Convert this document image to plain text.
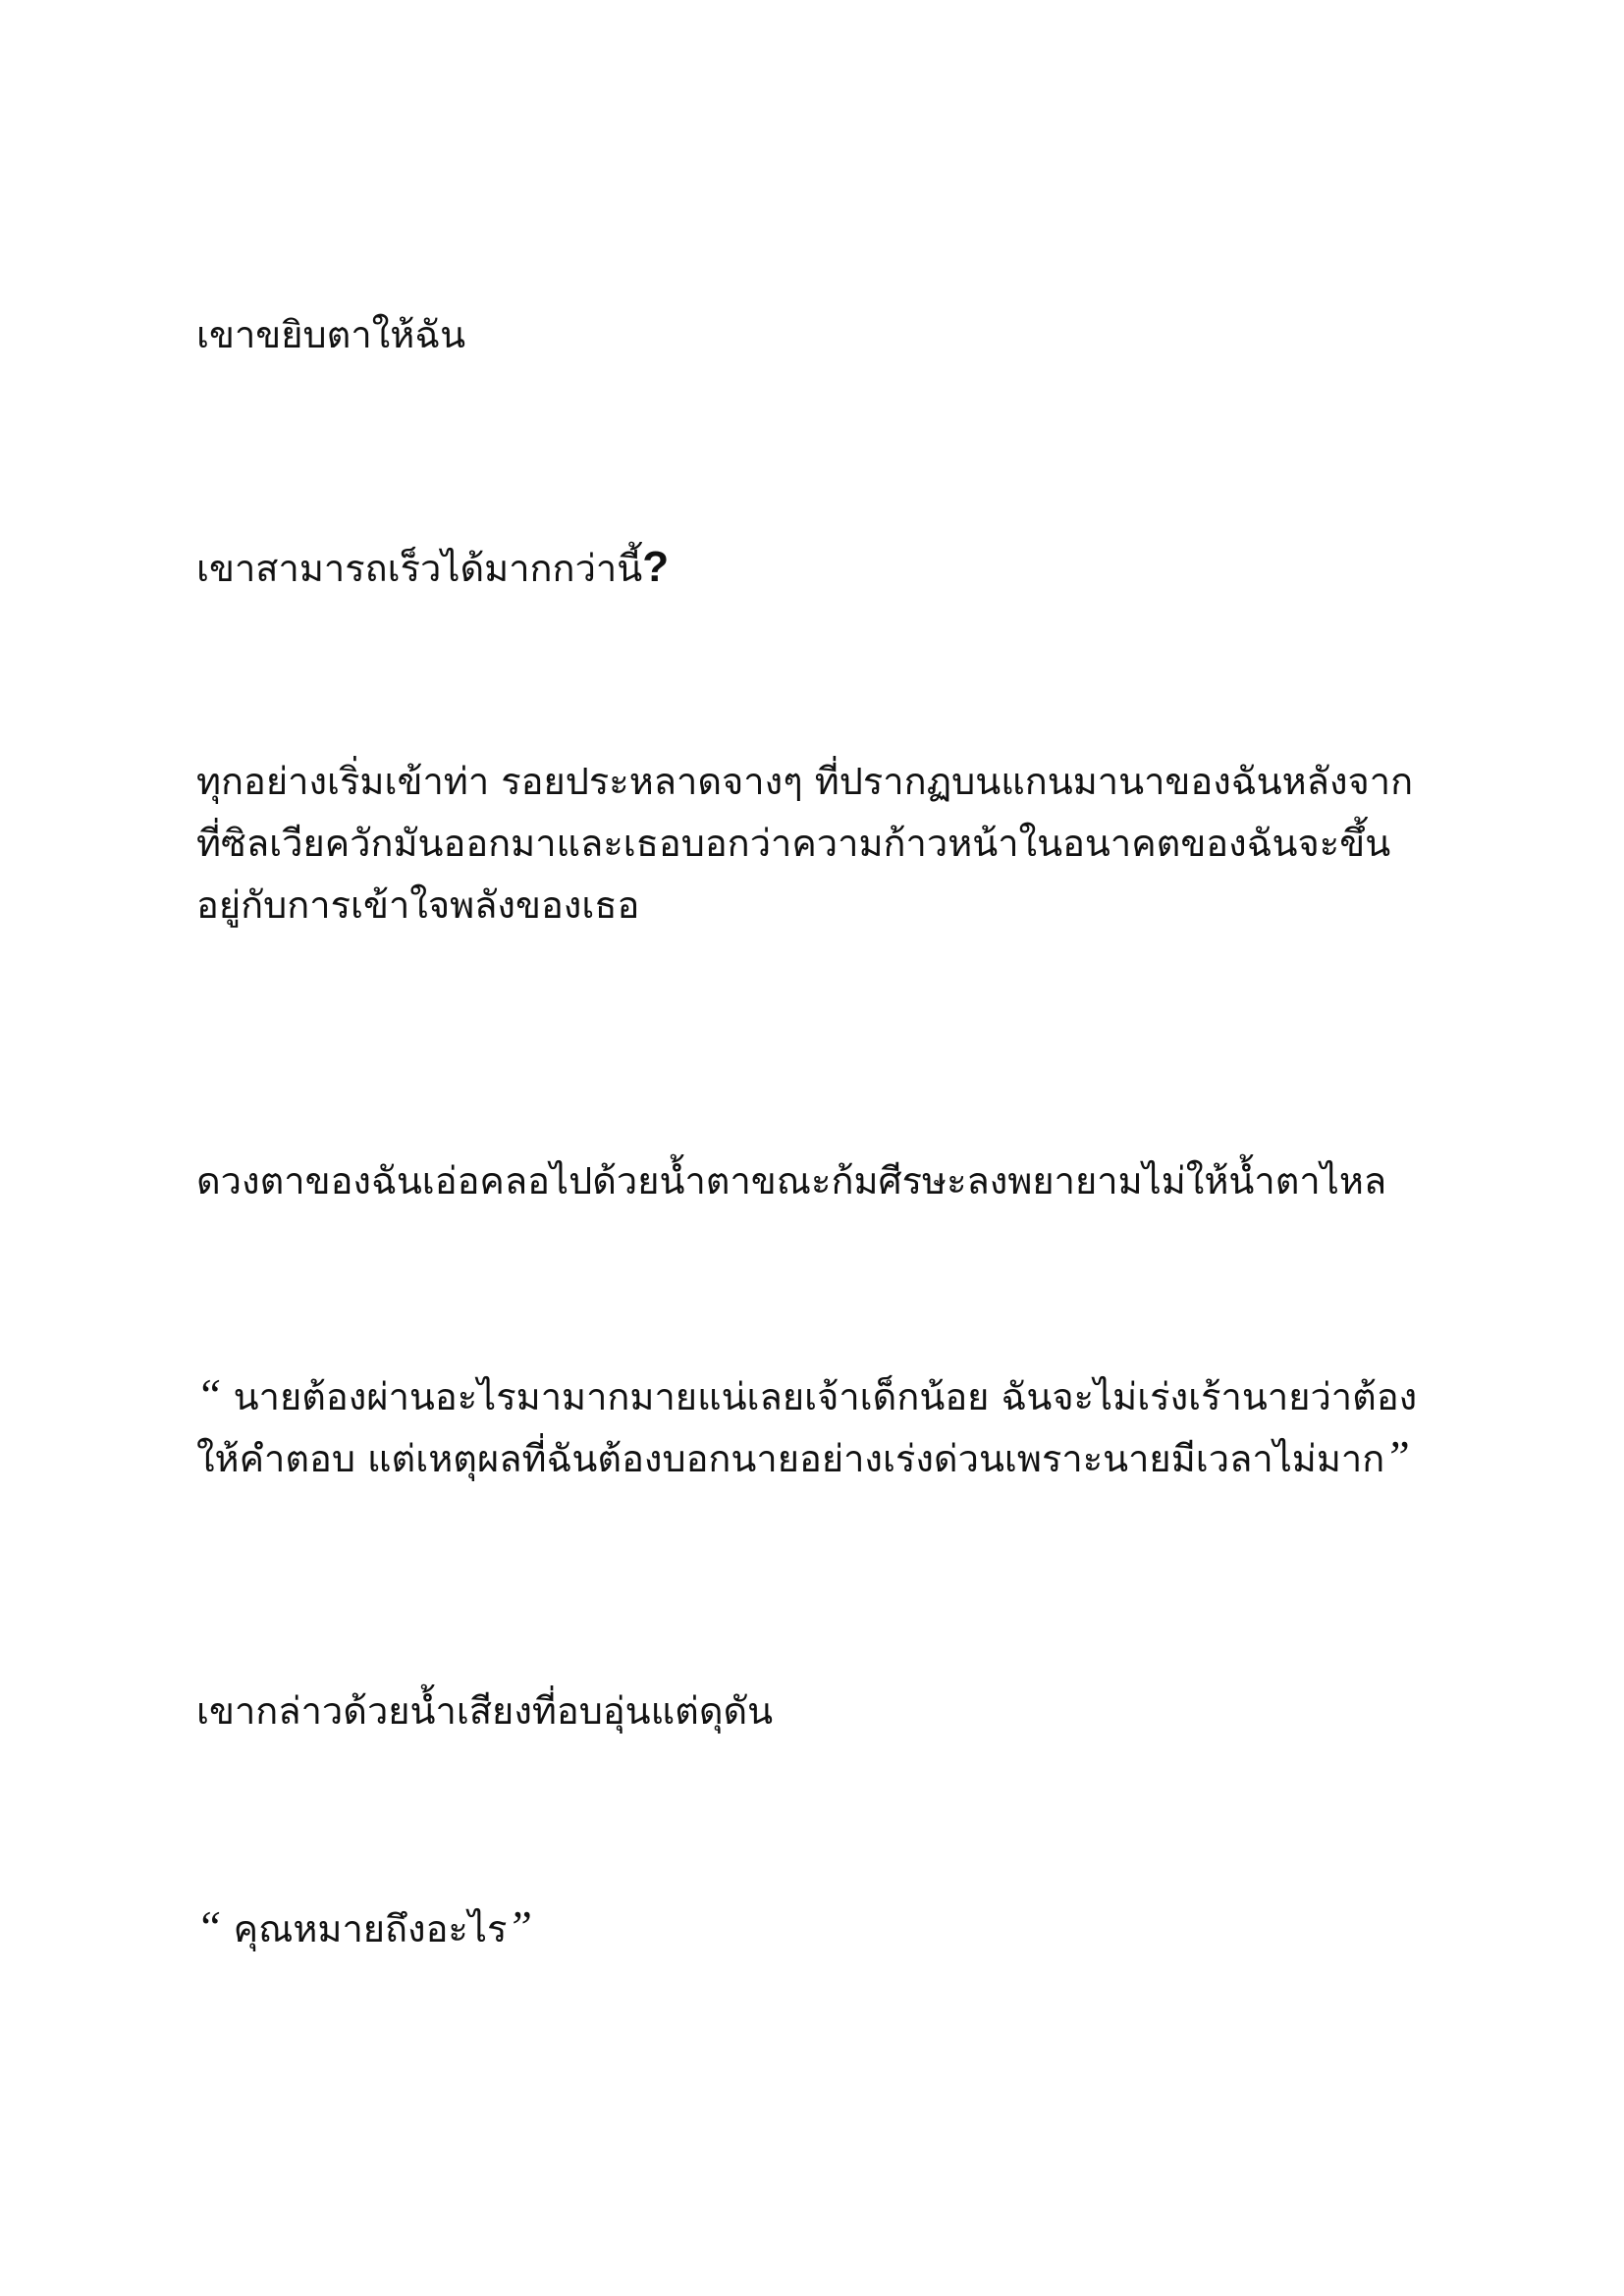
เขาขยิบตาให้ฉัน

เขาสามารถเร็วได้มากกว่านี้?

ทุกอย่างเริ่มเข้าท่า รอยประหลาดจางๆ ที่ปรากฏบนแกนมานาของฉันหลังจากที่ซิลเวียควักมันออกมาและเธอบอกว่าความก้าวหน้าในอนาคตของฉันจะขึ้นอยู่กับการเข้าใจพลังของเธอ

ดวงตาของฉันเอ่อคลอไปด้วยน้ำตาขณะก้มศีรษะลงพยายามไม่ให้น้ำตาไหล

“ นายต้องผ่านอะไรมามากมายแน่เลยเจ้าเด็กน้อย ฉันจะไม่เร่งเร้านายว่าต้องให้คำตอบ แต่เหตุผลที่ฉันต้องบอกนายอย่างเร่งด่วนเพราะนายมีเวลาไม่มาก”

เขากล่าวด้วยน้ำเสียงที่อบอุ่นแต่ดุดัน

“ คุณหมายถึงอะไร”
